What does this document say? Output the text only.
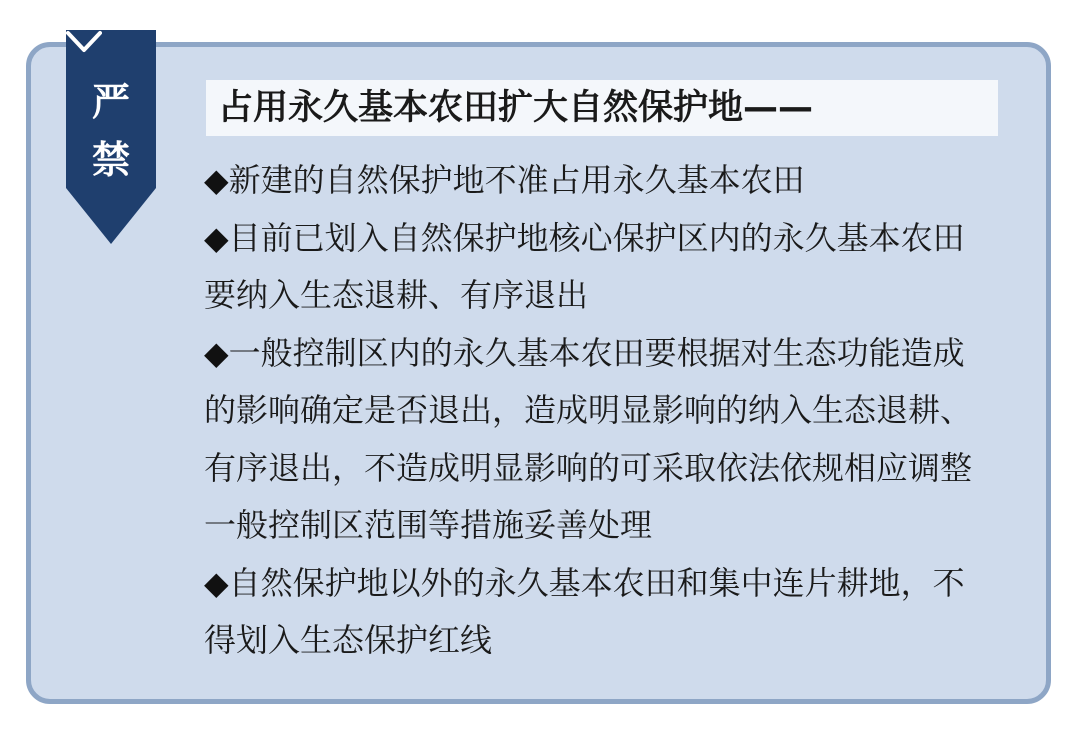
严
禁
占用永久基本农田扩大自然保护地——

◆新建的自然保护地不准占用永久基本农田

◆目前已划入自然保护地核心保护区内的永久基本农田
要纳入生态退耕、有序退出

◆一般控制区内的永久基本农田要根据对生态功能造成
的影响确定是否退出，造成明显影响的纳入生态退耕、
有序退出，不造成明显影响的可采取依法依规相应调整
一般控制区范围等措施妥善处理

◆自然保护地以外的永久基本农田和集中连片耕地，不
得划入生态保护红线
